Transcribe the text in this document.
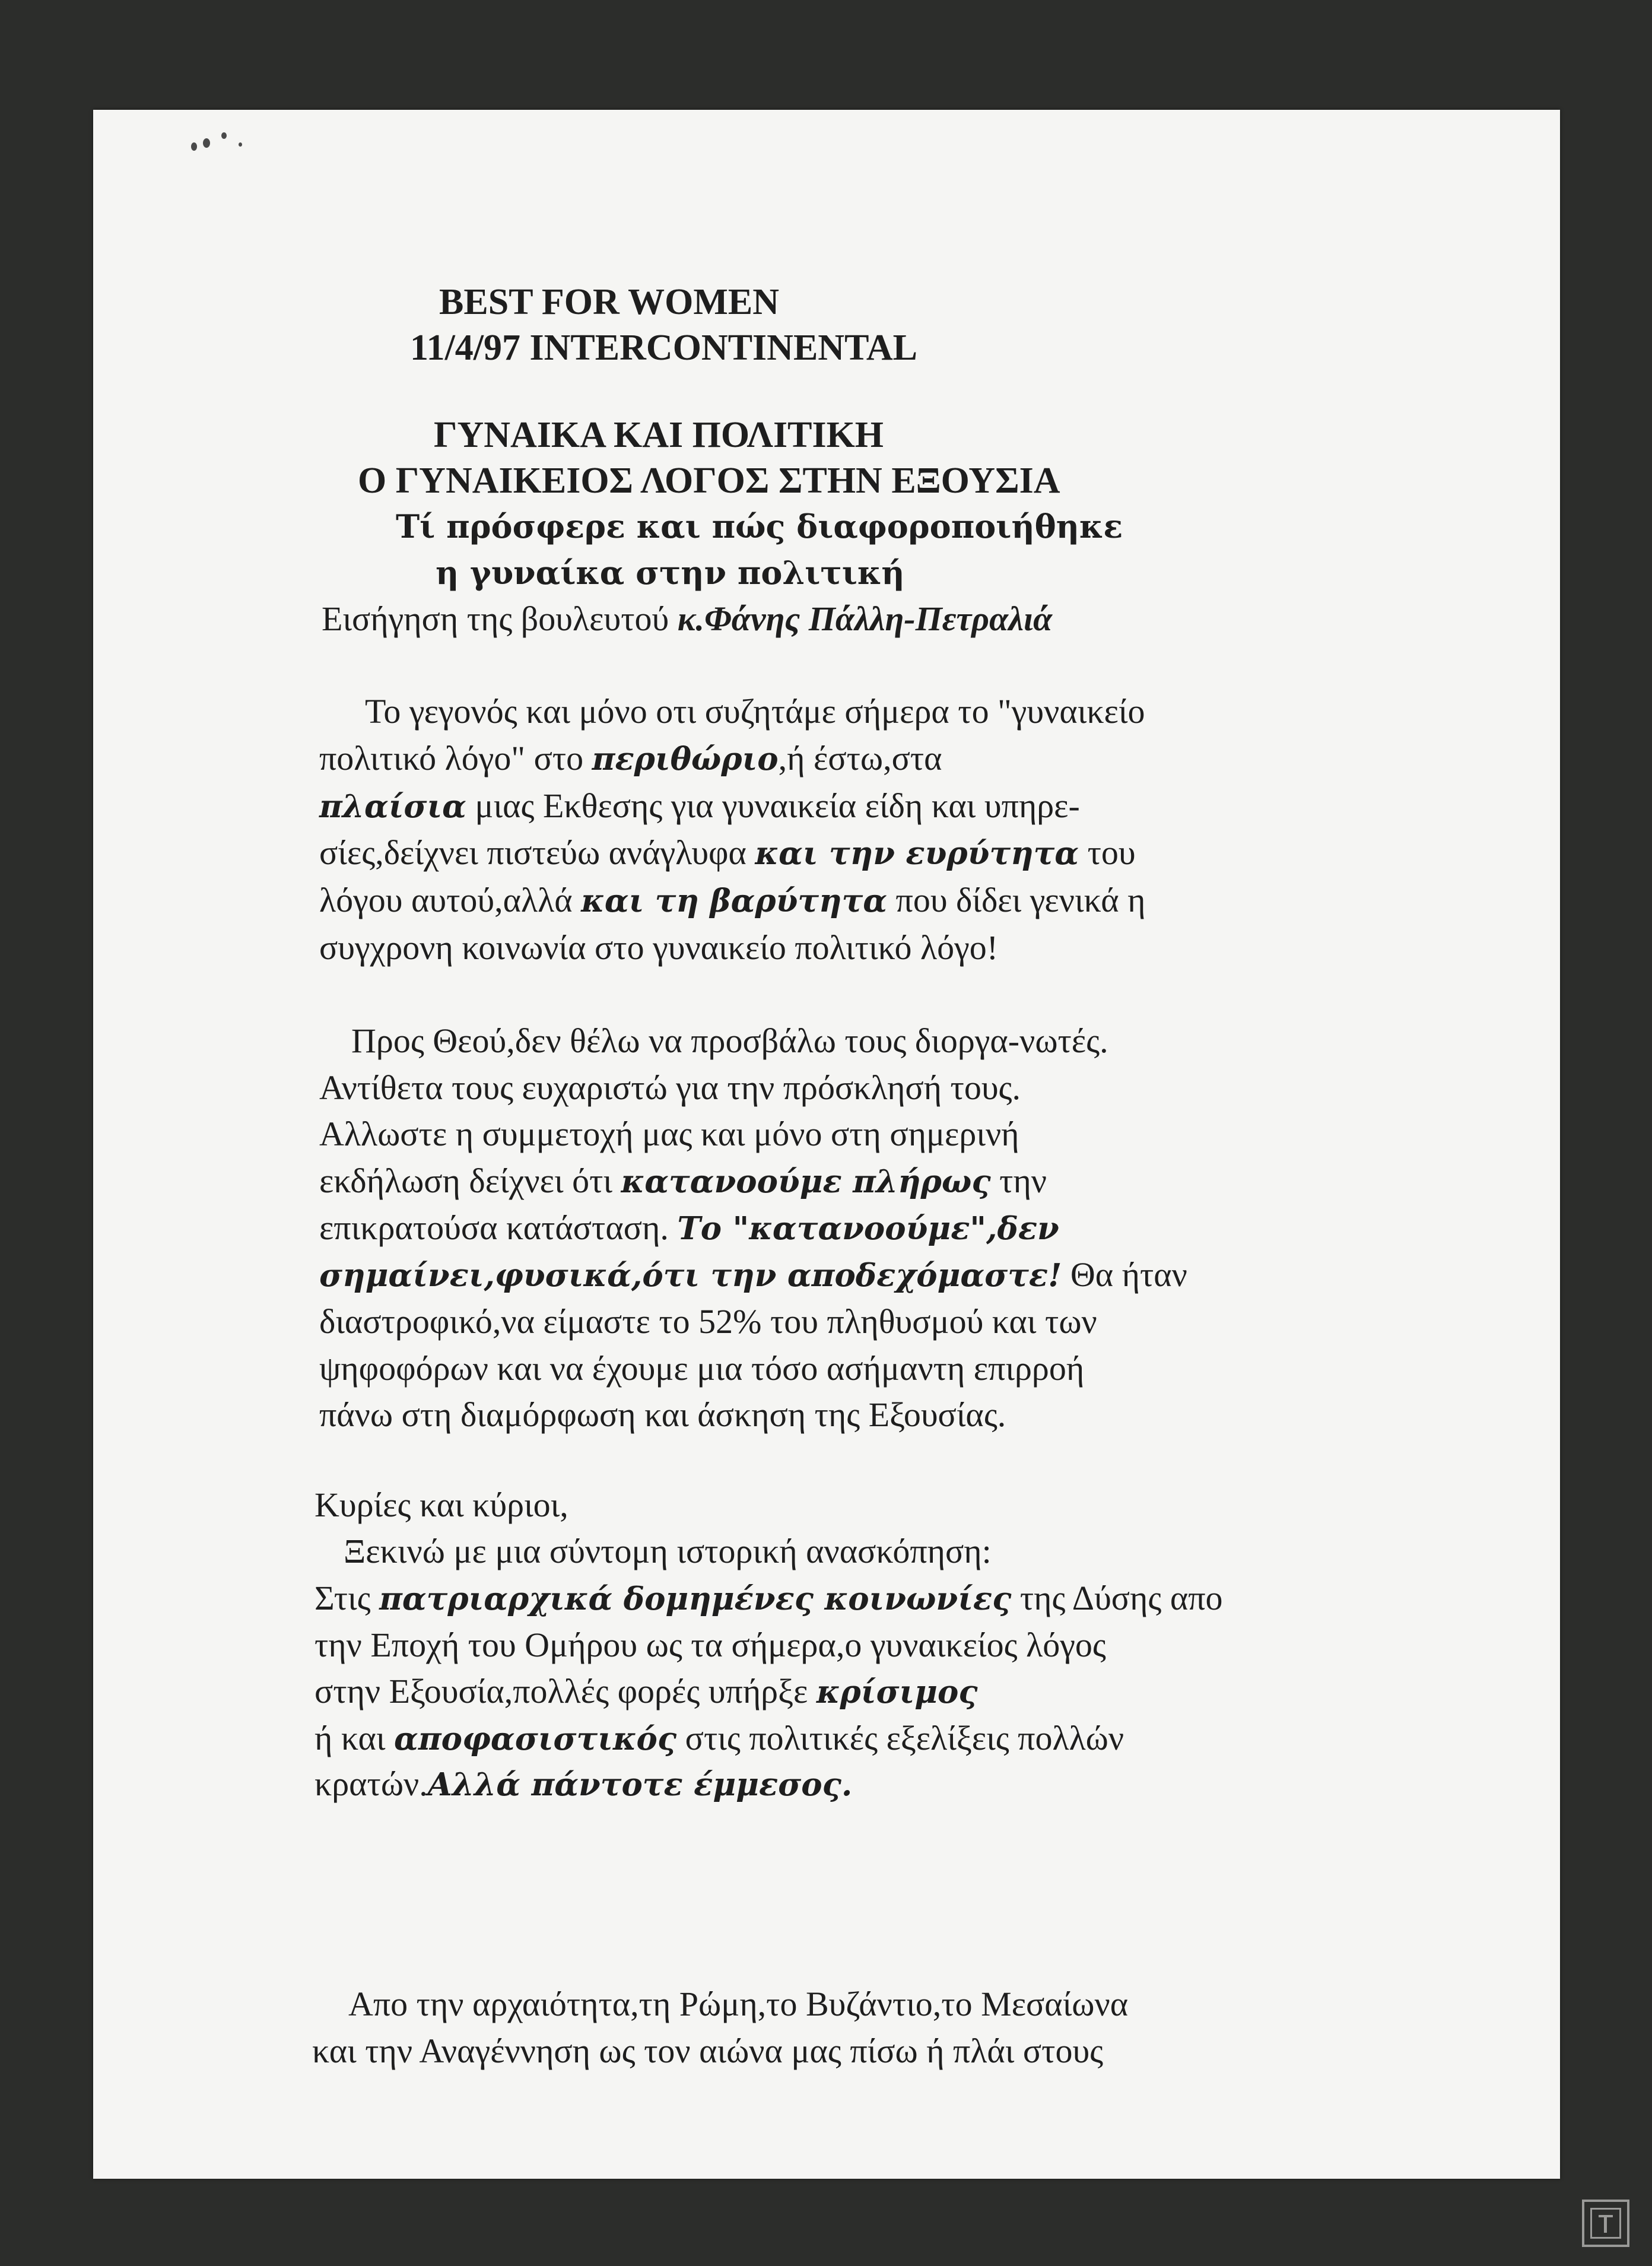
BEST FOR WOMEN
11/4/97 INTERCONTINENTAL
ΓΥΝΑΙΚΑ ΚΑΙ ΠΟΛΙΤΙΚΗ
Ο ΓΥΝΑΙΚΕΙΟΣ ΛΟΓΟΣ ΣΤΗΝ ΕΞΟΥΣΙΑ
Τί πρόσφερε και πώς διαφοροποιήθηκε
η γυναίκα στην πολιτική
Εισήγηση της βουλευτού κ.Φάνης Πάλλη-Πετραλιά
Το γεγονός και μόνο οτι συζητάμε σήμερα το "γυναικείο
πολιτικό λόγο" στο περιθώριο,ή έστω,στα
πλαίσια μιας Εκθεσης για γυναικεία είδη και υπηρε-
σίες,δείχνει πιστεύω ανάγλυφα και την ευρύτητα του
λόγου αυτού,αλλά και τη βαρύτητα που δίδει γενικά η
συγχρονη κοινωνία στο γυναικείο πολιτικό λόγο!
Προς Θεού,δεν θέλω να προσβάλω τους διοργα-νωτές.
Αντίθετα τους ευχαριστώ για την πρόσκλησή τους.
Αλλωστε η συμμετοχή μας και μόνο στη σημερινή
εκδήλωση δείχνει ότι κατανοούμε πλήρως την
επικρατούσα κατάσταση. Το "κατανοούμε",δεν
σημαίνει,φυσικά,ότι την αποδεχόμαστε! Θα ήταν
διαστροφικό,να είμαστε το 52% του πληθυσμού και των
ψηφοφόρων και να έχουμε μια τόσο ασήμαντη επιρροή
πάνω στη διαμόρφωση και άσκηση της Εξουσίας.
Κυρίες και κύριοι,
Ξεκινώ με μια σύντομη ιστορική ανασκόπηση:
Στις πατριαρχικά δομημένες κοινωνίες της Δύσης απο
την Εποχή του Ομήρου ως τα σήμερα,ο γυναικείος λόγος
στην Εξουσία,πολλές φορές υπήρξε κρίσιμος
ή και αποφασιστικός στις πολιτικές εξελίξεις πολλών
κρατών.Αλλά πάντοτε έμμεσος.
Απο την αρχαιότητα,τη Ρώμη,το Βυζάντιο,το Μεσαίωνα
και την Αναγέννηση ως τον αιώνα μας πίσω ή πλάι στους
